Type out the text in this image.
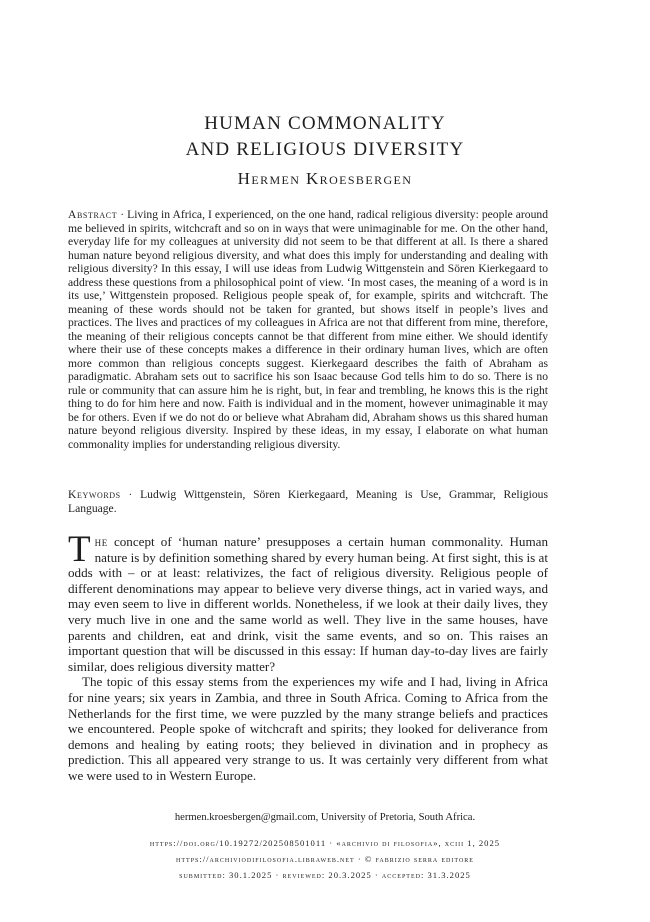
HUMAN COMMONALITY
AND RELIGIOUS DIVERSITY
Hermen Kroesbergen
Abstract · Living in Africa, I experienced, on the one hand, radical religious diversity: people around me believed in spirits, witchcraft and so on in ways that were unimaginable for me. On the other hand, everyday life for my colleagues at university did not seem to be that different at all. Is there a shared human nature beyond religious diversity, and what does this imply for understanding and dealing with religious diversity? In this essay, I will use ideas from Ludwig Wittgenstein and Sören Kierkegaard to address these questions from a philosophical point of view. ‘In most cases, the meaning of a word is in its use,’ Wittgenstein proposed. Religious people speak of, for example, spirits and witchcraft. The meaning of these words should not be taken for granted, but shows itself in people’s lives and practices. The lives and practices of my colleagues in Africa are not that different from mine, therefore, the meaning of their religious concepts cannot be that different from mine either. We should identify where their use of these concepts makes a difference in their ordinary human lives, which are often more common than religious concepts suggest. Kierkegaard describes the faith of Abraham as paradigmatic. Abraham sets out to sacrifice his son Isaac because God tells him to do so. There is no rule or community that can assure him he is right, but, in fear and trembling, he knows this is the right thing to do for him here and now. Faith is individual and in the moment, however unimaginable it may be for others. Even if we do not do or believe what Abraham did, Abraham shows us this shared human nature beyond religious diversity. Inspired by these ideas, in my essay, I elaborate on what human commonality implies for understanding religious diversity.
Keywords · Ludwig Wittgenstein, Sören Kierkegaard, Meaning is Use, Grammar, Religious Language.

The concept of ‘human nature’ presupposes a certain human commonality. Human nature is by definition something shared by every human being. At first sight, this is at odds with – or at least: relativizes, the fact of religious diversity. Religious people of different denominations may appear to believe very diverse things, act in varied ways, and may even seem to live in different worlds. Nonetheless, if we look at their daily lives, they very much live in one and the same world as well. They live in the same houses, have parents and children, eat and drink, visit the same events, and so on. This raises an important question that will be discussed in this essay: If human day-to-day lives are fairly similar, does religious diversity matter?

The topic of this essay stems from the experiences my wife and I had, living in Africa for nine years; six years in Zambia, and three in South Africa. Coming to Africa from the Netherlands for the first time, we were puzzled by the many strange beliefs and practices we encountered. People spoke of witchcraft and spirits; they looked for deliverance from demons and healing by eating roots; they believed in divination and in prophecy as prediction. This all appeared very strange to us. It was certainly very different from what we were used to in Western Europe.

hermen.kroesbergen@gmail.com, University of Pretoria, South Africa.
https://doi.org/10.19272/202508501011 · «archivio di filosofia», xciii 1, 2025
https://archiviodifilosofia.libraweb.net · © fabrizio serra editore
submitted: 30.1.2025 · reviewed: 20.3.2025 · accepted: 31.3.2025
